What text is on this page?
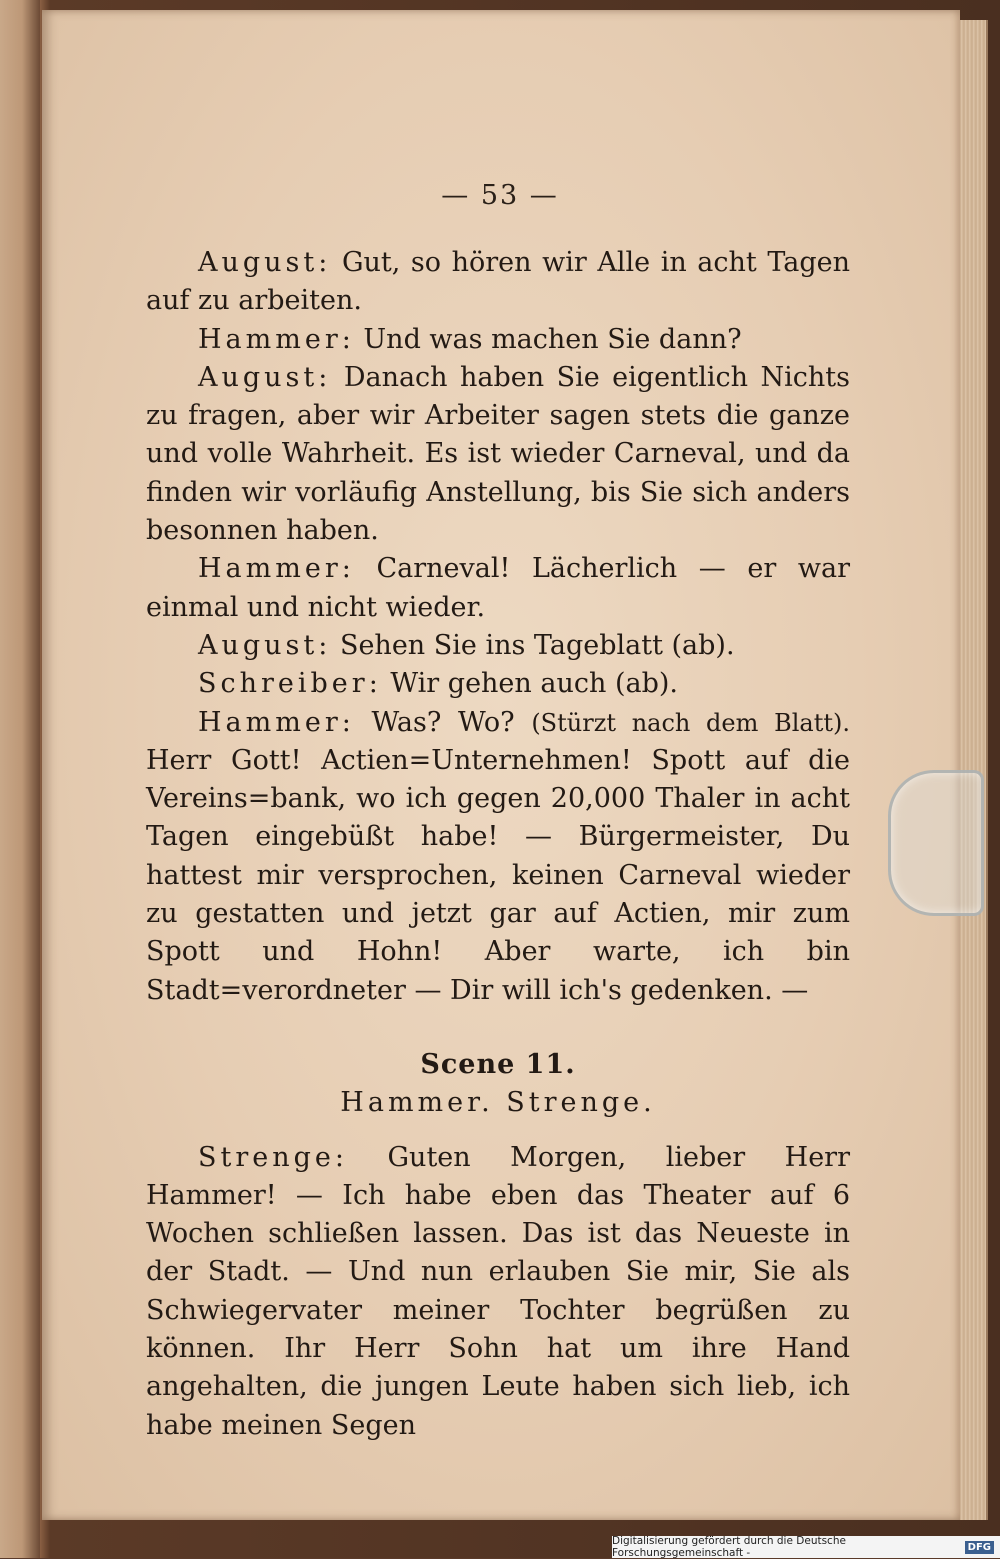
— 53 —

August: Gut, so hören wir Alle in acht Tagen auf zu arbeiten.

Hammer: Und was machen Sie dann?

August: Danach haben Sie eigentlich Nichts zu fragen, aber wir Arbeiter sagen stets die ganze und volle Wahrheit. Es ist wieder Carneval, und da finden wir vorläufig Anstellung, bis Sie sich anders besonnen haben.

Hammer: Carneval! Lächerlich — er war einmal und nicht wieder.

August: Sehen Sie ins Tageblatt (ab).

Schreiber: Wir gehen auch (ab).

Hammer: Was? Wo? (Stürzt nach dem Blatt). Herr Gott! Actien=Unternehmen! Spott auf die Vereins=bank, wo ich gegen 20,000 Thaler in acht Tagen eingebüßt habe! — Bürgermeister, Du hattest mir versprochen, keinen Carneval wieder zu gestatten und jetzt gar auf Actien, mir zum Spott und Hohn! Aber warte, ich bin Stadt=verordneter — Dir will ich's gedenken. —

Scene 11.

Hammer. Strenge.

Strenge: Guten Morgen, lieber Herr Hammer! — Ich habe eben das Theater auf 6 Wochen schließen lassen. Das ist das Neueste in der Stadt. — Und nun erlauben Sie mir, Sie als Schwiegervater meiner Tochter begrüßen zu können. Ihr Herr Sohn hat um ihre Hand angehalten, die jungen Leute haben sich lieb, ich habe meinen Segen

Digitalisierung gefördert durch die Deutsche Forschungsgemeinschaft -	DFG
